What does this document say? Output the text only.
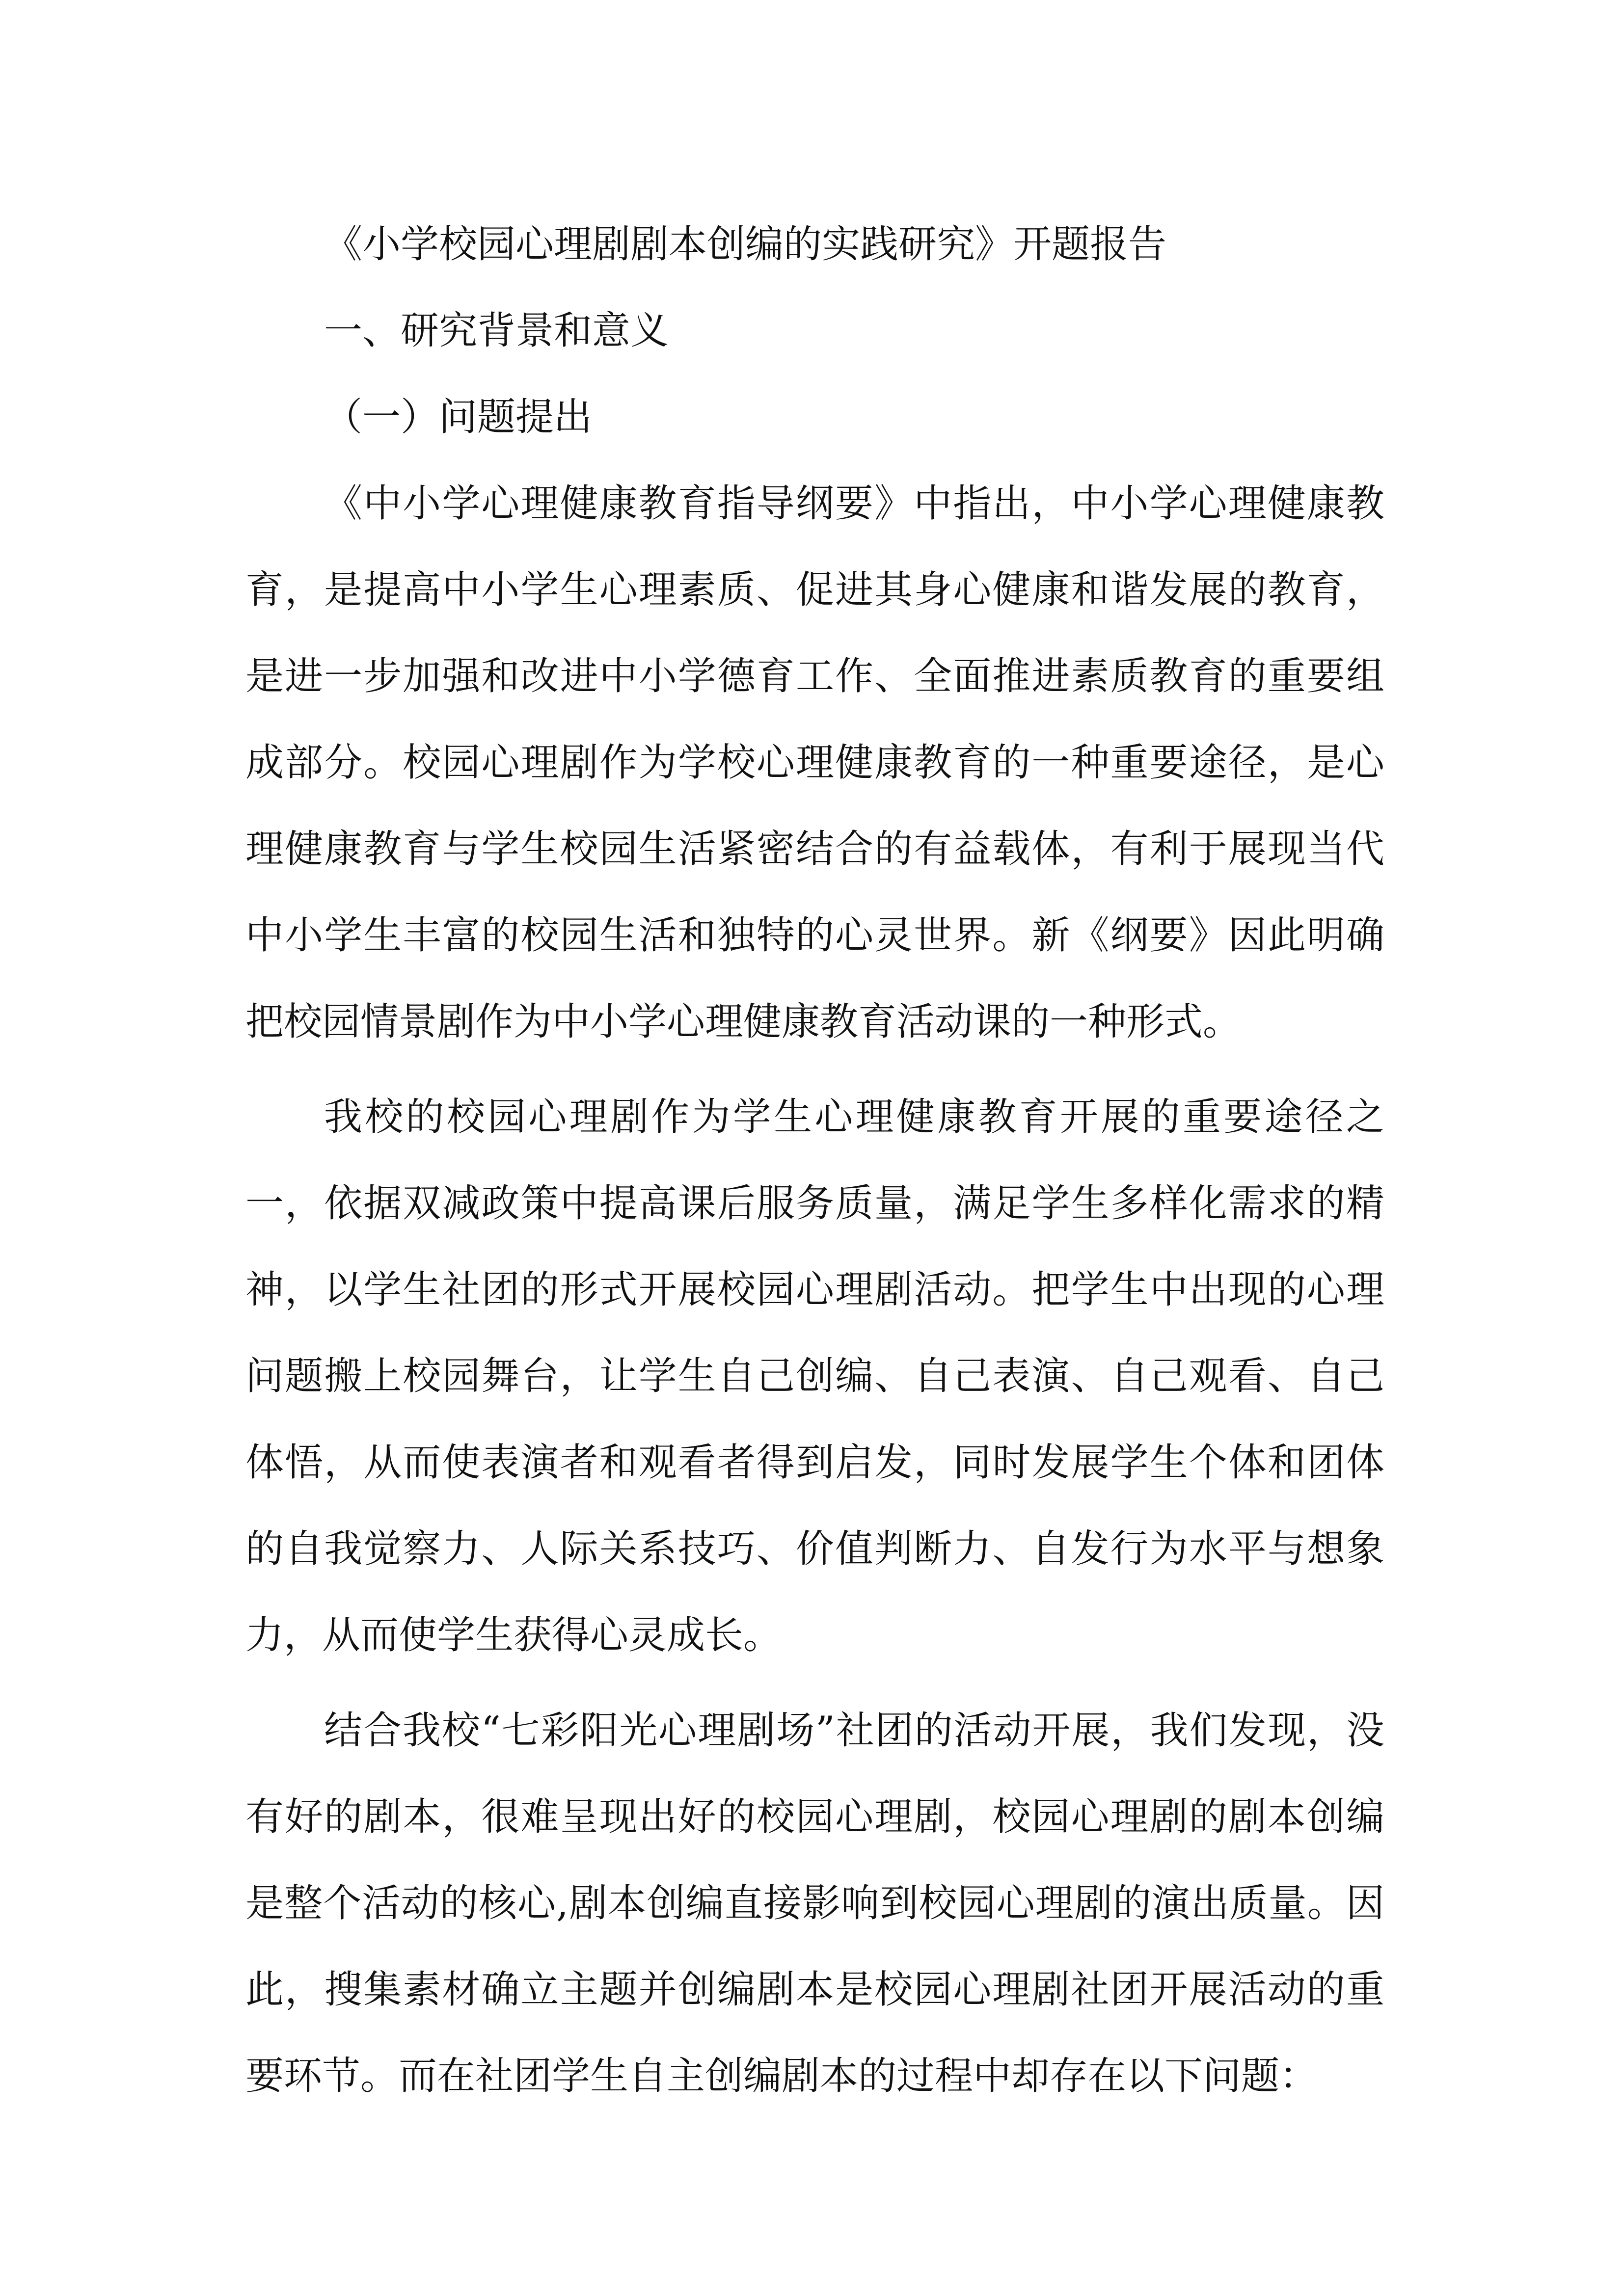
《小学校园心理剧剧本创编的实践研究》开题报告
一、研究背景和意义
（一）问题提出

《中小学心理健康教育指导纲要》中指出，中小学心理健康教育，是提高中小学生心理素质、促进其身心健康和谐发展的教育，是进一步加强和改进中小学德育工作、全面推进素质教育的重要组成部分。校园心理剧作为学校心理健康教育的一种重要途径，是心理健康教育与学生校园生活紧密结合的有益载体，有利于展现当代中小学生丰富的校园生活和独特的心灵世界。新《纲要》因此明确把校园情景剧作为中小学心理健康教育活动课的一种形式。

我校的校园心理剧作为学生心理健康教育开展的重要途径之一，依据双减政策中提高课后服务质量，满足学生多样化需求的精神，以学生社团的形式开展校园心理剧活动。把学生中出现的心理问题搬上校园舞台，让学生自己创编、自己表演、自己观看、自己体悟，从而使表演者和观看者得到启发，同时发展学生个体和团体的自我觉察力、人际关系技巧、价值判断力、自发行为水平与想象力，从而使学生获得心灵成长。

结合我校“七彩阳光心理剧场”社团的活动开展，我们发现，没有好的剧本，很难呈现出好的校园心理剧，校园心理剧的剧本创编是整个活动的核心,剧本创编直接影响到校园心理剧的演出质量。因此，搜集素材确立主题并创编剧本是校园心理剧社团开展活动的重要环节。而在社团学生自主创编剧本的过程中却存在以下问题：
